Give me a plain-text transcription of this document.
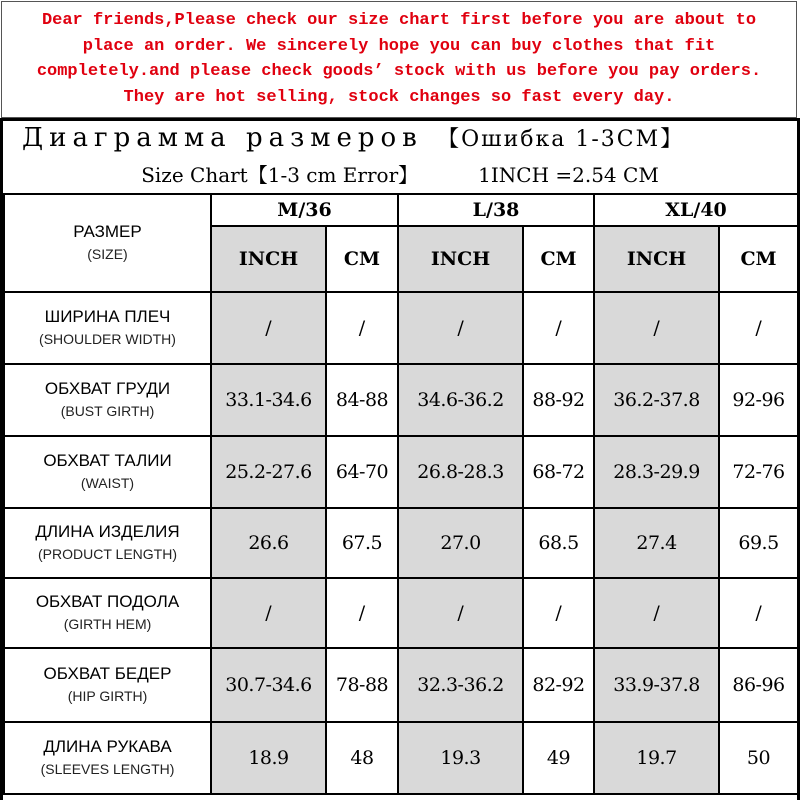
Dear friends,Please check our size chart first before you are about to
place an order. We sincerely hope you can buy clothes that fit
completely.and please check goods’ stock with us before you pay orders.
They are hot selling, stock changes so fast every day.
Диаграмма размеров 【Ошибка 1-3СМ】
Size Chart【1-3 cm Error】	1INCH =2.54 CM
РАЗМЕР
(SIZE)	M/36		L/38		XL/40	
	INCH	CM	INCH	CM	INCH	CM

ШИРИНА ПЛЕЧ
(SHOULDER WIDTH)	/	/	/	/	/	/

ОБХВАТ ГРУДИ
(BUST GIRTH)	33.1-34.6	84-88	34.6-36.2	88-92	36.2-37.8	92-96

ОБХВАТ ТАЛИИ
(WAIST)	25.2-27.6	64-70	26.8-28.3	68-72	28.3-29.9	72-76

ДЛИНА ИЗДЕЛИЯ
(PRODUCT LENGTH)	26.6	67.5	27.0	68.5	27.4	69.5

ОБХВАТ ПОДОЛА
(GIRTH HEM)	/	/	/	/	/	/

ОБХВАТ БЕДЕР
(HIP GIRTH)	30.7-34.6	78-88	32.3-36.2	82-92	33.9-37.8	86-96

ДЛИНА РУКАВА
(SLEEVES LENGTH)	18.9	48	19.3	49	19.7	50
